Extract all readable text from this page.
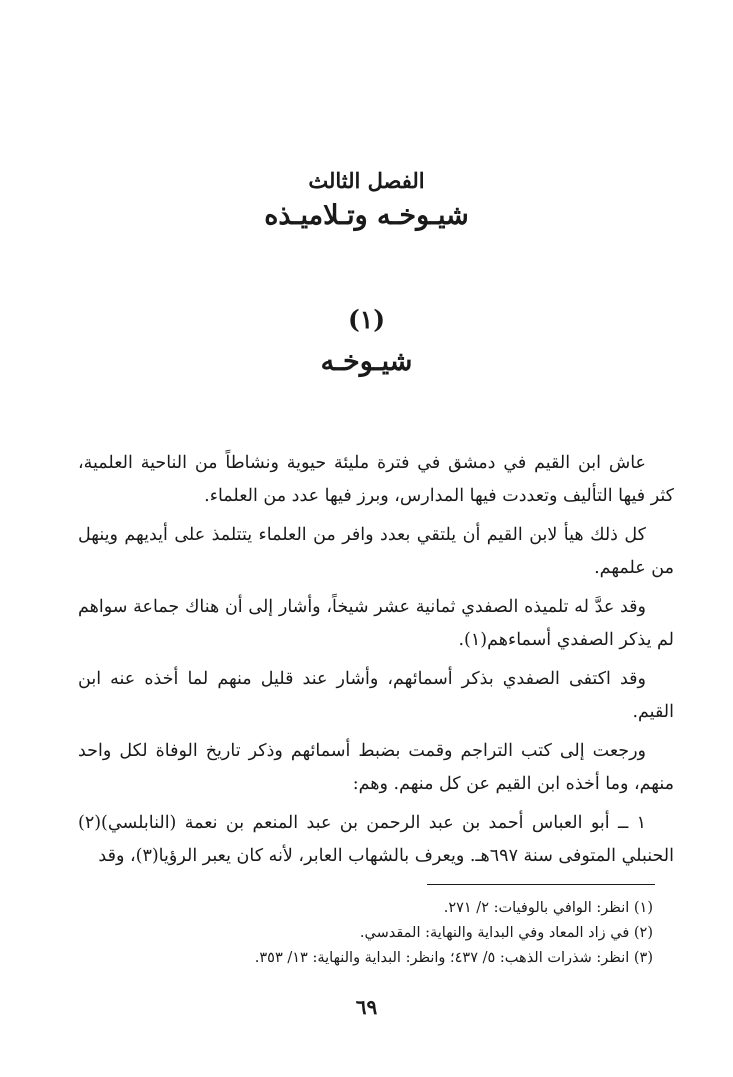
الفصل الثالث
شيـوخـه وتـلاميـذه
(١)
شيـوخـه

عاش ابن القيم في دمشق في فترة مليئة حيوية ونشاطاً من الناحية العلمية، كثر فيها التأليف وتعددت فيها المدارس، وبرز فيها عدد من العلماء.

كل ذلك هيأ لابن القيم أن يلتقي بعدد وافر من العلماء يتتلمذ على أيديهم وينهل من علمهم.

وقد عدَّ له تلميذه الصفدي ثمانية عشر شيخاً، وأشار إلى أن هناك جماعة سواهم لم يذكر الصفدي أسماءهم(١).

وقد اكتفى الصفدي بذكر أسمائهم، وأشار عند قليل منهم لما أخذه عنه ابن القيم.

ورجعت إلى كتب التراجم وقمت بضبط أسمائهم وذكر تاريخ الوفاة لكل واحد منهم، وما أخذه ابن القيم عن كل منهم. وهم:

١ ــ أبو العباس أحمد بن عبد الرحمن بن عبد المنعم بن نعمة (النابلسي)(٢) الحنبلي المتوفى سنة ٦٩٧هـ. ويعرف بالشهاب العابر، لأنه كان يعبر الرؤيا(٣)، وقد

(١) انظر: الوافي بالوفيات: ٢/ ٢٧١.

(٢) في زاد المعاد وفي البداية والنهاية: المقدسي.

(٣) انظر: شذرات الذهب: ٥/ ٤٣٧؛ وانظر: البداية والنهاية: ١٣/ ٣٥٣.

٦٩
